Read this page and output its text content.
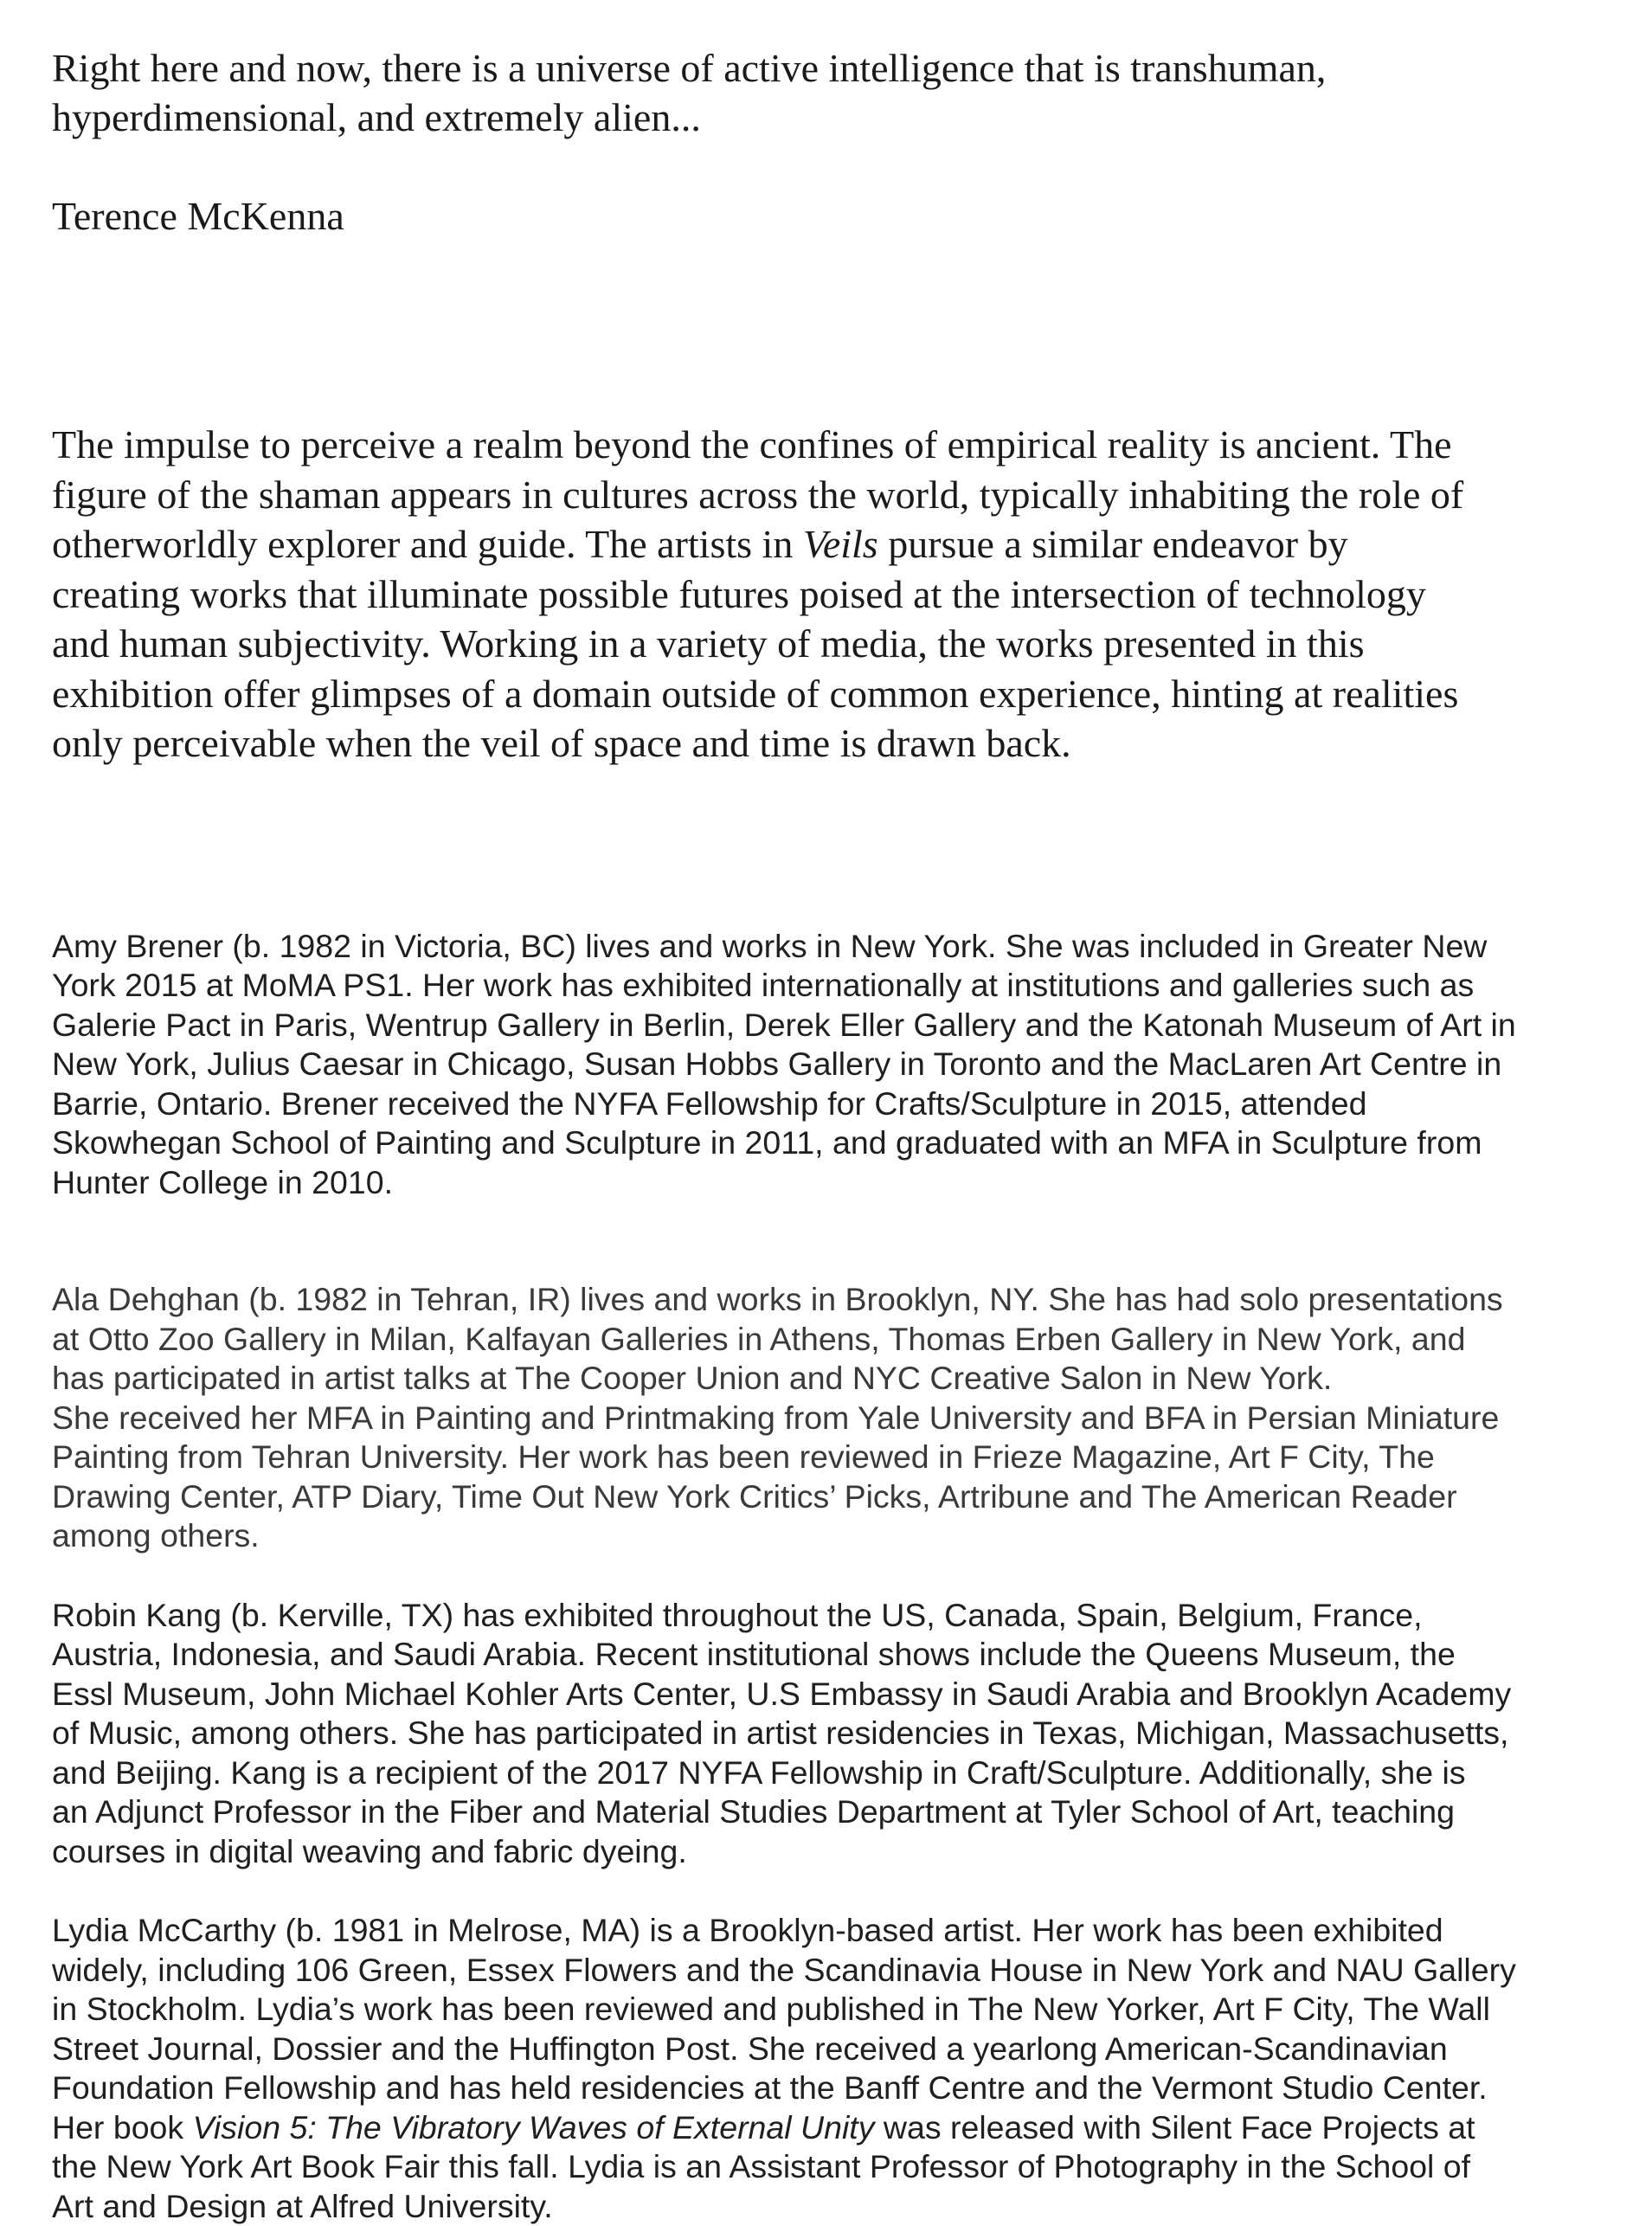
Right here and now, there is a universe of active intelligence that is transhuman,
hyperdimensional, and extremely alien...

Terence McKenna

The impulse to perceive a realm beyond the confines of empirical reality is ancient. The
figure of the shaman appears in cultures across the world, typically inhabiting the role of
otherworldly explorer and guide. The artists in Veils pursue a similar endeavor by
creating works that illuminate possible futures poised at the intersection of technology
and human subjectivity. Working in a variety of media, the works presented in this
exhibition offer glimpses of a domain outside of common experience, hinting at realities
only perceivable when the veil of space and time is drawn back.

Amy Brener (b. 1982 in Victoria, BC) lives and works in New York. She was included in Greater New
York 2015 at MoMA PS1. Her work has exhibited internationally at institutions and galleries such as
Galerie Pact in Paris, Wentrup Gallery in Berlin, Derek Eller Gallery and the Katonah Museum of Art in
New York, Julius Caesar in Chicago, Susan Hobbs Gallery in Toronto and the MacLaren Art Centre in
Barrie, Ontario. Brener received the NYFA Fellowship for Crafts/Sculpture in 2015, attended
Skowhegan School of Painting and Sculpture in 2011, and graduated with an MFA in Sculpture from
Hunter College in 2010.

Ala Dehghan (b. 1982 in Tehran, IR) lives and works in Brooklyn, NY. She has had solo presentations
at Otto Zoo Gallery in Milan, Kalfayan Galleries in Athens, Thomas Erben Gallery in New York, and
has participated in artist talks at The Cooper Union and NYC Creative Salon in New York.
She received her MFA in Painting and Printmaking from Yale University and BFA in Persian Miniature
Painting from Tehran University. Her work has been reviewed in Frieze Magazine, Art F City, The
Drawing Center, ATP Diary, Time Out New York Critics’ Picks, Artribune and The American Reader
among others.

Robin Kang (b. Kerville, TX) has exhibited throughout the US, Canada, Spain, Belgium, France,
Austria, Indonesia, and Saudi Arabia. Recent institutional shows include the Queens Museum, the
Essl Museum, John Michael Kohler Arts Center, U.S Embassy in Saudi Arabia and Brooklyn Academy
of Music, among others. She has participated in artist residencies in Texas, Michigan, Massachusetts,
and Beijing. Kang is a recipient of the 2017 NYFA Fellowship in Craft/Sculpture. Additionally, she is
an Adjunct Professor in the Fiber and Material Studies Department at Tyler School of Art, teaching
courses in digital weaving and fabric dyeing.

Lydia McCarthy (b. 1981 in Melrose, MA) is a Brooklyn-based artist. Her work has been exhibited
widely, including 106 Green, Essex Flowers and the Scandinavia House in New York and NAU Gallery
in Stockholm. Lydia’s work has been reviewed and published in The New Yorker, Art F City, The Wall
Street Journal, Dossier and the Huffington Post. She received a yearlong American-Scandinavian
Foundation Fellowship and has held residencies at the Banff Centre and the Vermont Studio Center.
Her book Vision 5: The Vibratory Waves of External Unity was released with Silent Face Projects at
the New York Art Book Fair this fall. Lydia is an Assistant Professor of Photography in the School of
Art and Design at Alfred University.
